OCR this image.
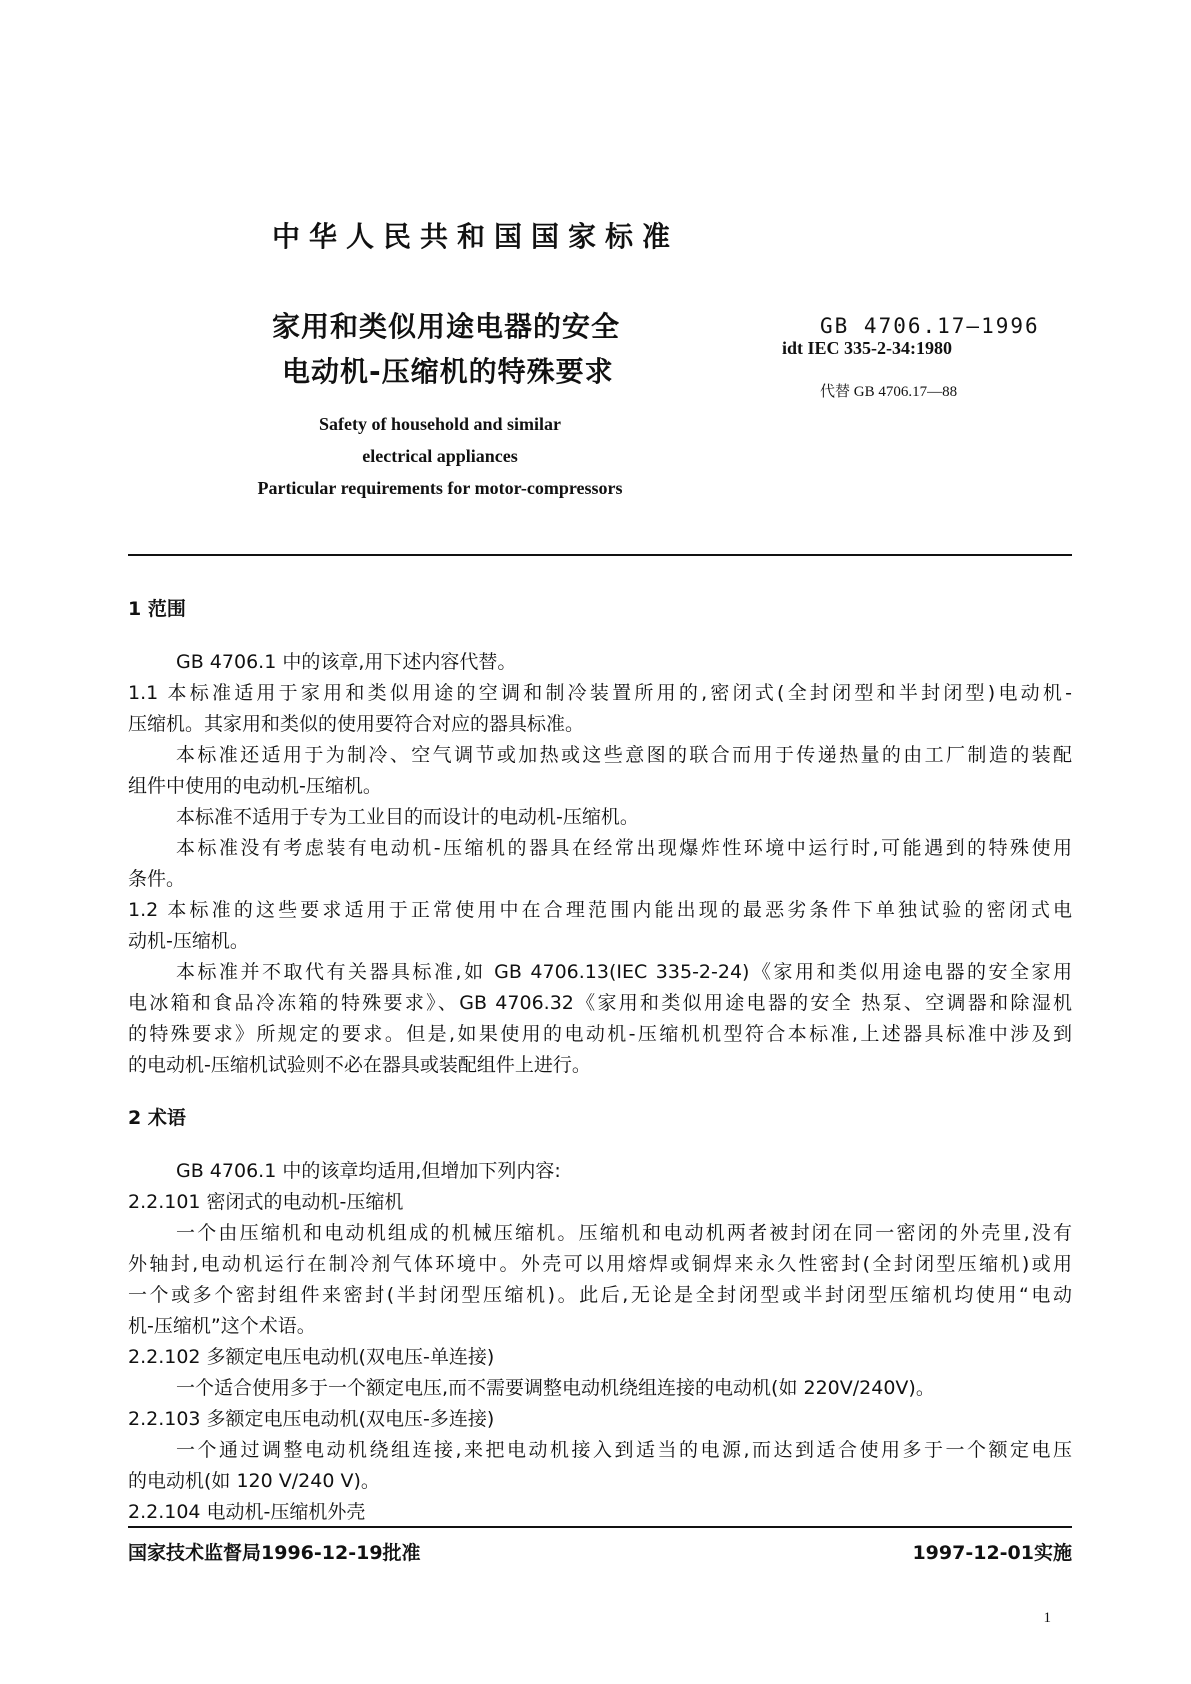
中华人民共和国国家标准
家用和类似用途电器的安全
电动机-压缩机的特殊要求
GB 4706.17—1996
idt IEC 335-2-34:1980
代替 GB 4706.17—88
Safety of household and similar
electrical appliances
Particular requirements for motor-compressors
1 范围
GB 4706.1 中的该章,用下述内容代替。
1.1 本标准适用于家用和类似用途的空调和制冷装置所用的,密闭式(全封闭型和半封闭型)电动机-
压缩机。其家用和类似的使用要符合对应的器具标准。
本标准还适用于为制冷、空气调节或加热或这些意图的联合而用于传递热量的由工厂制造的装配
组件中使用的电动机-压缩机。
本标准不适用于专为工业目的而设计的电动机-压缩机。
本标准没有考虑装有电动机-压缩机的器具在经常出现爆炸性环境中运行时,可能遇到的特殊使用
条件。
1.2 本标准的这些要求适用于正常使用中在合理范围内能出现的最恶劣条件下单独试验的密闭式电
动机-压缩机。
本标准并不取代有关器具标准,如 GB 4706.13(IEC 335-2-24)《家用和类似用途电器的安全家用
电冰箱和食品冷冻箱的特殊要求》、GB 4706.32《家用和类似用途电器的安全 热泵、空调器和除湿机
的特殊要求》所规定的要求。但是,如果使用的电动机-压缩机机型符合本标准,上述器具标准中涉及到
的电动机-压缩机试验则不必在器具或装配组件上进行。
2 术语
GB 4706.1 中的该章均适用,但增加下列内容:
2.2.101 密闭式的电动机-压缩机
一个由压缩机和电动机组成的机械压缩机。压缩机和电动机两者被封闭在同一密闭的外壳里,没有
外轴封,电动机运行在制冷剂气体环境中。外壳可以用熔焊或铜焊来永久性密封(全封闭型压缩机)或用
一个或多个密封组件来密封(半封闭型压缩机)。此后,无论是全封闭型或半封闭型压缩机均使用“电动
机-压缩机”这个术语。
2.2.102 多额定电压电动机(双电压-单连接)
一个适合使用多于一个额定电压,而不需要调整电动机绕组连接的电动机(如 220V/240V)。
2.2.103 多额定电压电动机(双电压-多连接)
一个通过调整电动机绕组连接,来把电动机接入到适当的电源,而达到适合使用多于一个额定电压
的电动机(如 120 V/240 V)。
2.2.104 电动机-压缩机外壳
国家技术监督局1996-12-19批准	1997-12-01实施
1
